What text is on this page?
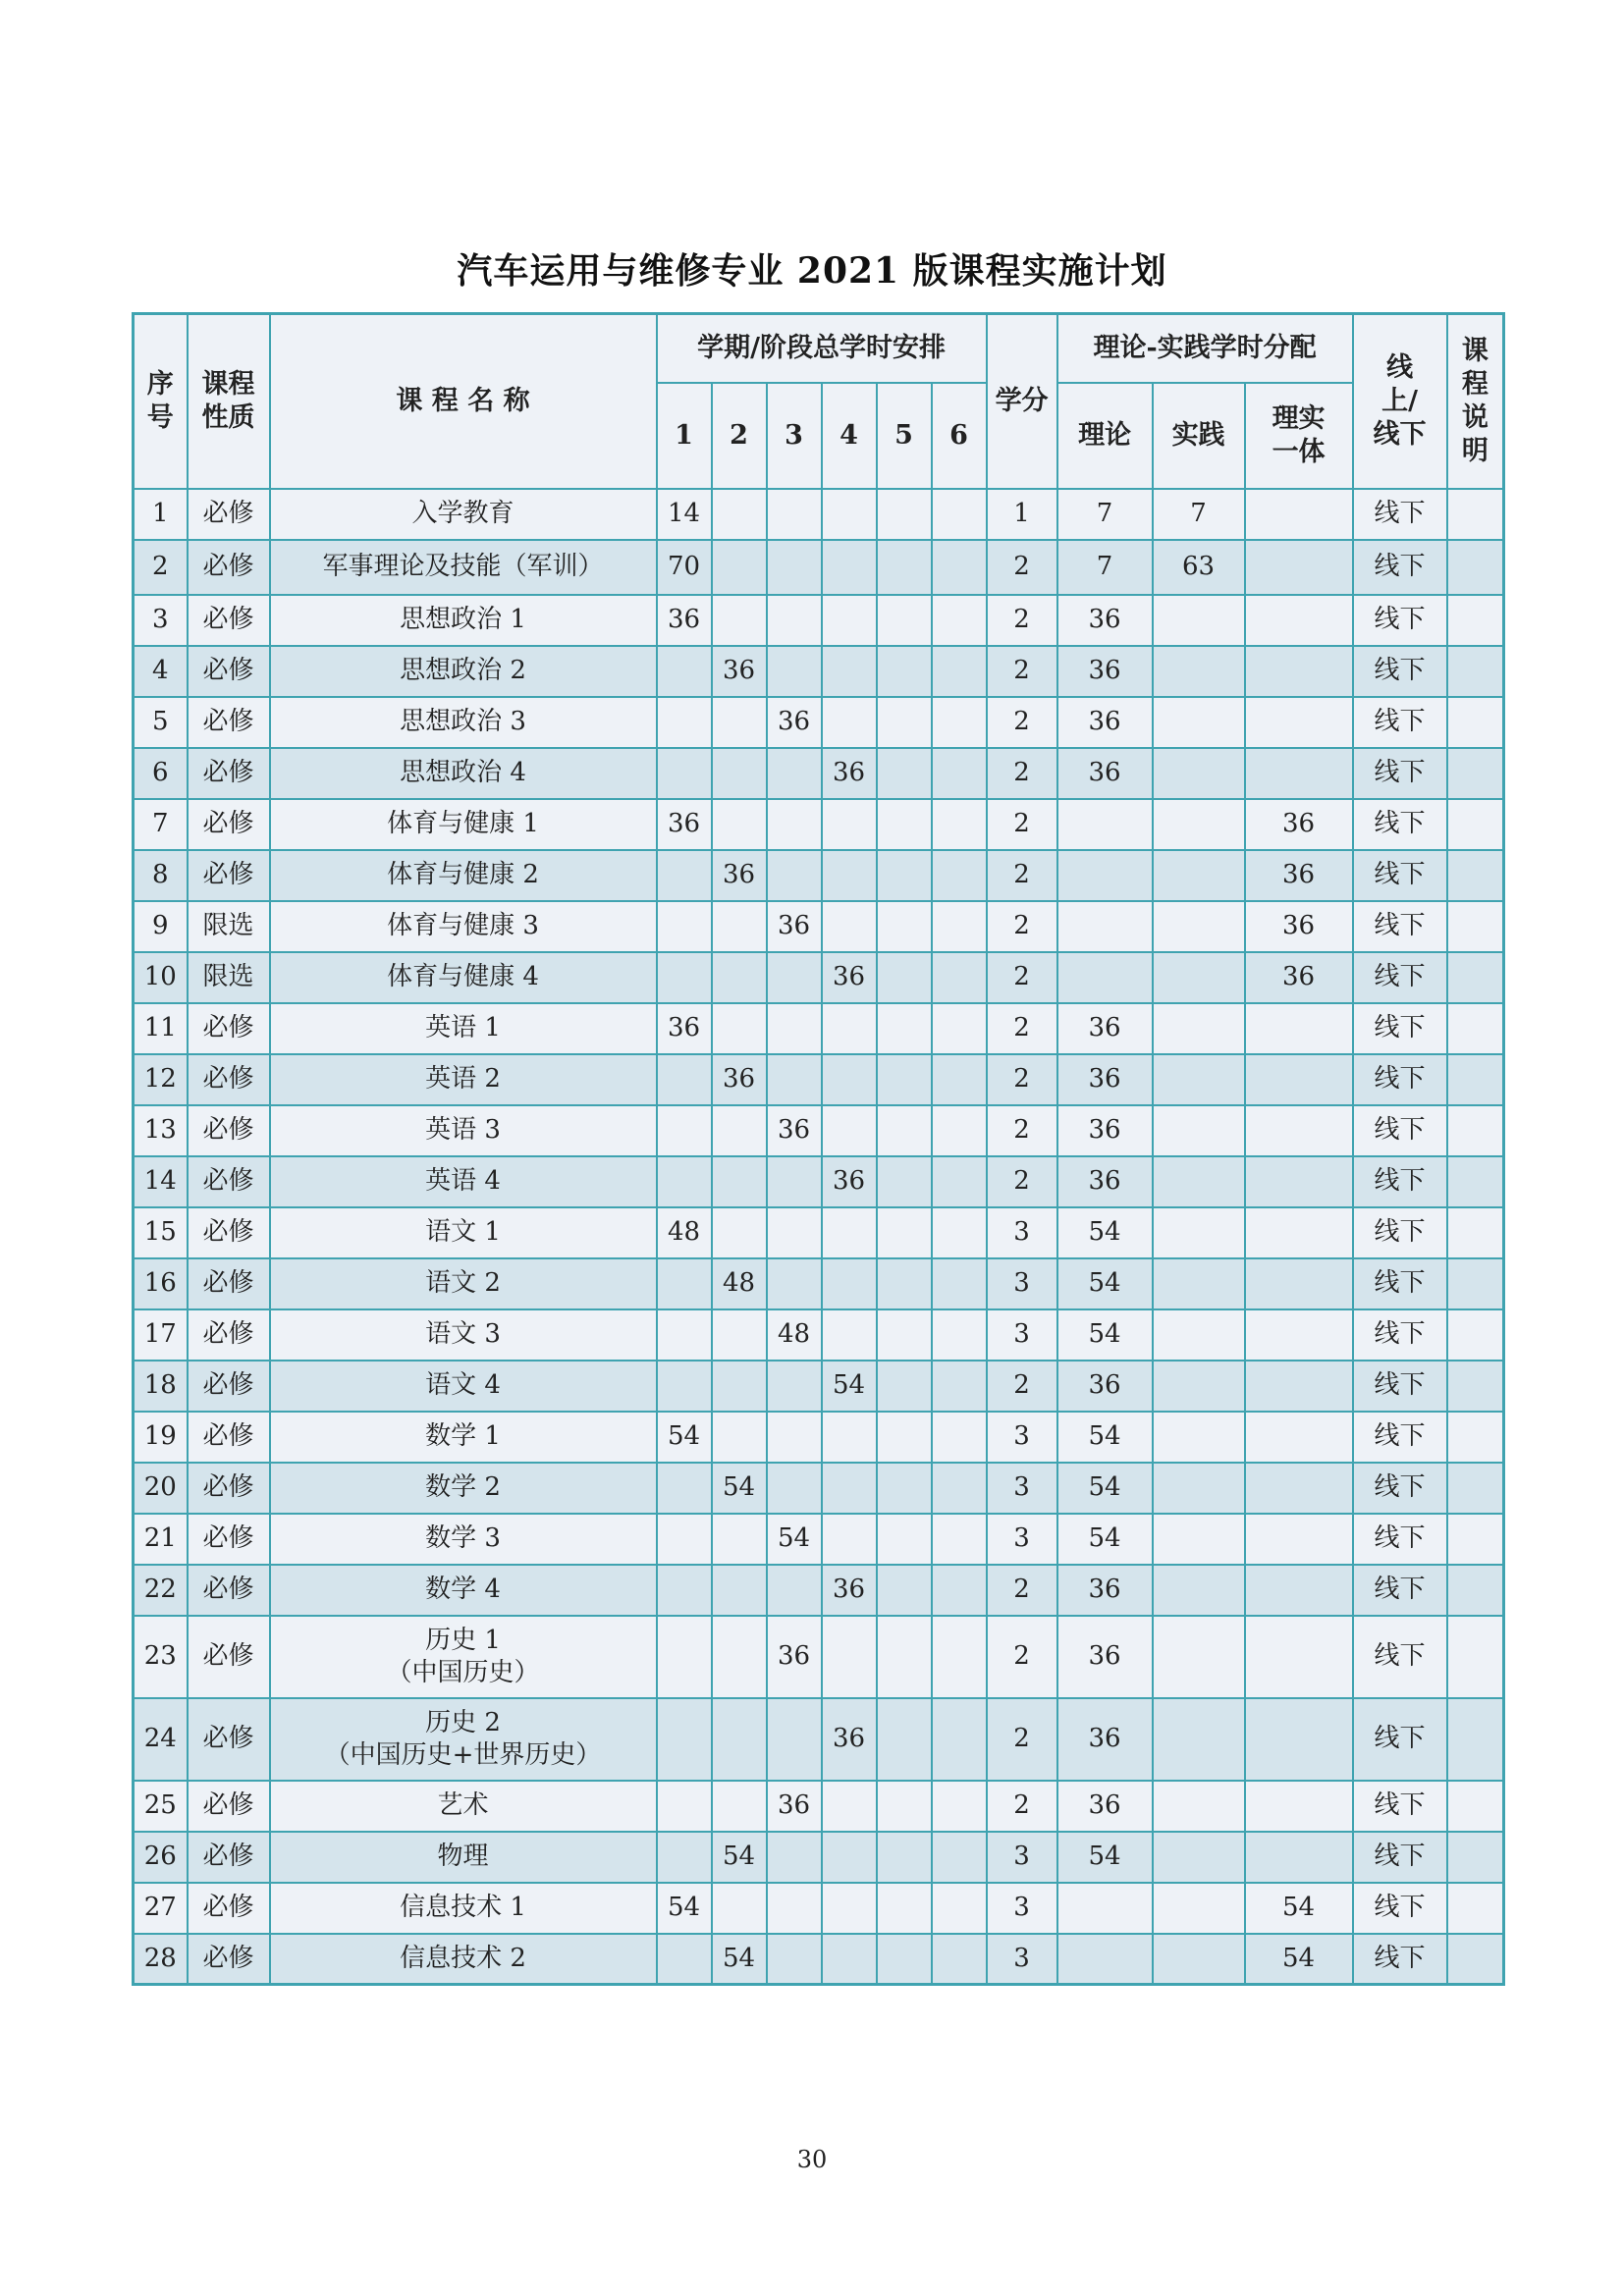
汽车运用与维修专业 2021 版课程实施计划
序号	课程性质	课 程 名 称	学期/阶段总学时安排						学分	理论-实践学时分配			线上/线下	课程说明

			1	2	3	4	5	6		理论	实践	理实一体		

1	必修	入学教育	14						1	7	7		线下	
2	必修	军事理论及技能（军训）	70						2	7	63		线下	
3	必修	思想政治 1	36						2	36			线下	
4	必修	思想政治 2		36					2	36			线下	
5	必修	思想政治 3			36				2	36			线下	
6	必修	思想政治 4				36			2	36			线下	
7	必修	体育与健康 1	36						2			36	线下	
8	必修	体育与健康 2		36					2			36	线下	
9	限选	体育与健康 3			36				2			36	线下	
10	限选	体育与健康 4				36			2			36	线下	
11	必修	英语 1	36						2	36			线下	
12	必修	英语 2		36					2	36			线下	
13	必修	英语 3			36				2	36			线下	
14	必修	英语 4				36			2	36			线下	
15	必修	语文 1	48						3	54			线下	
16	必修	语文 2		48					3	54			线下	
17	必修	语文 3			48				3	54			线下	
18	必修	语文 4				54			2	36			线下	
19	必修	数学 1	54						3	54			线下	
20	必修	数学 2		54					3	54			线下	
21	必修	数学 3			54				3	54			线下	
22	必修	数学 4				36			2	36			线下	
23	必修	历史 1
（中国历史）			36				2	36			线下	
24	必修	历史 2
（中国历史+世界历史）				36			2	36			线下	
25	必修	艺术			36				2	36			线下	
26	必修	物理		54					3	54			线下	
27	必修	信息技术 1	54						3			54	线下	
28	必修	信息技术 2		54					3			54	线下	
30
